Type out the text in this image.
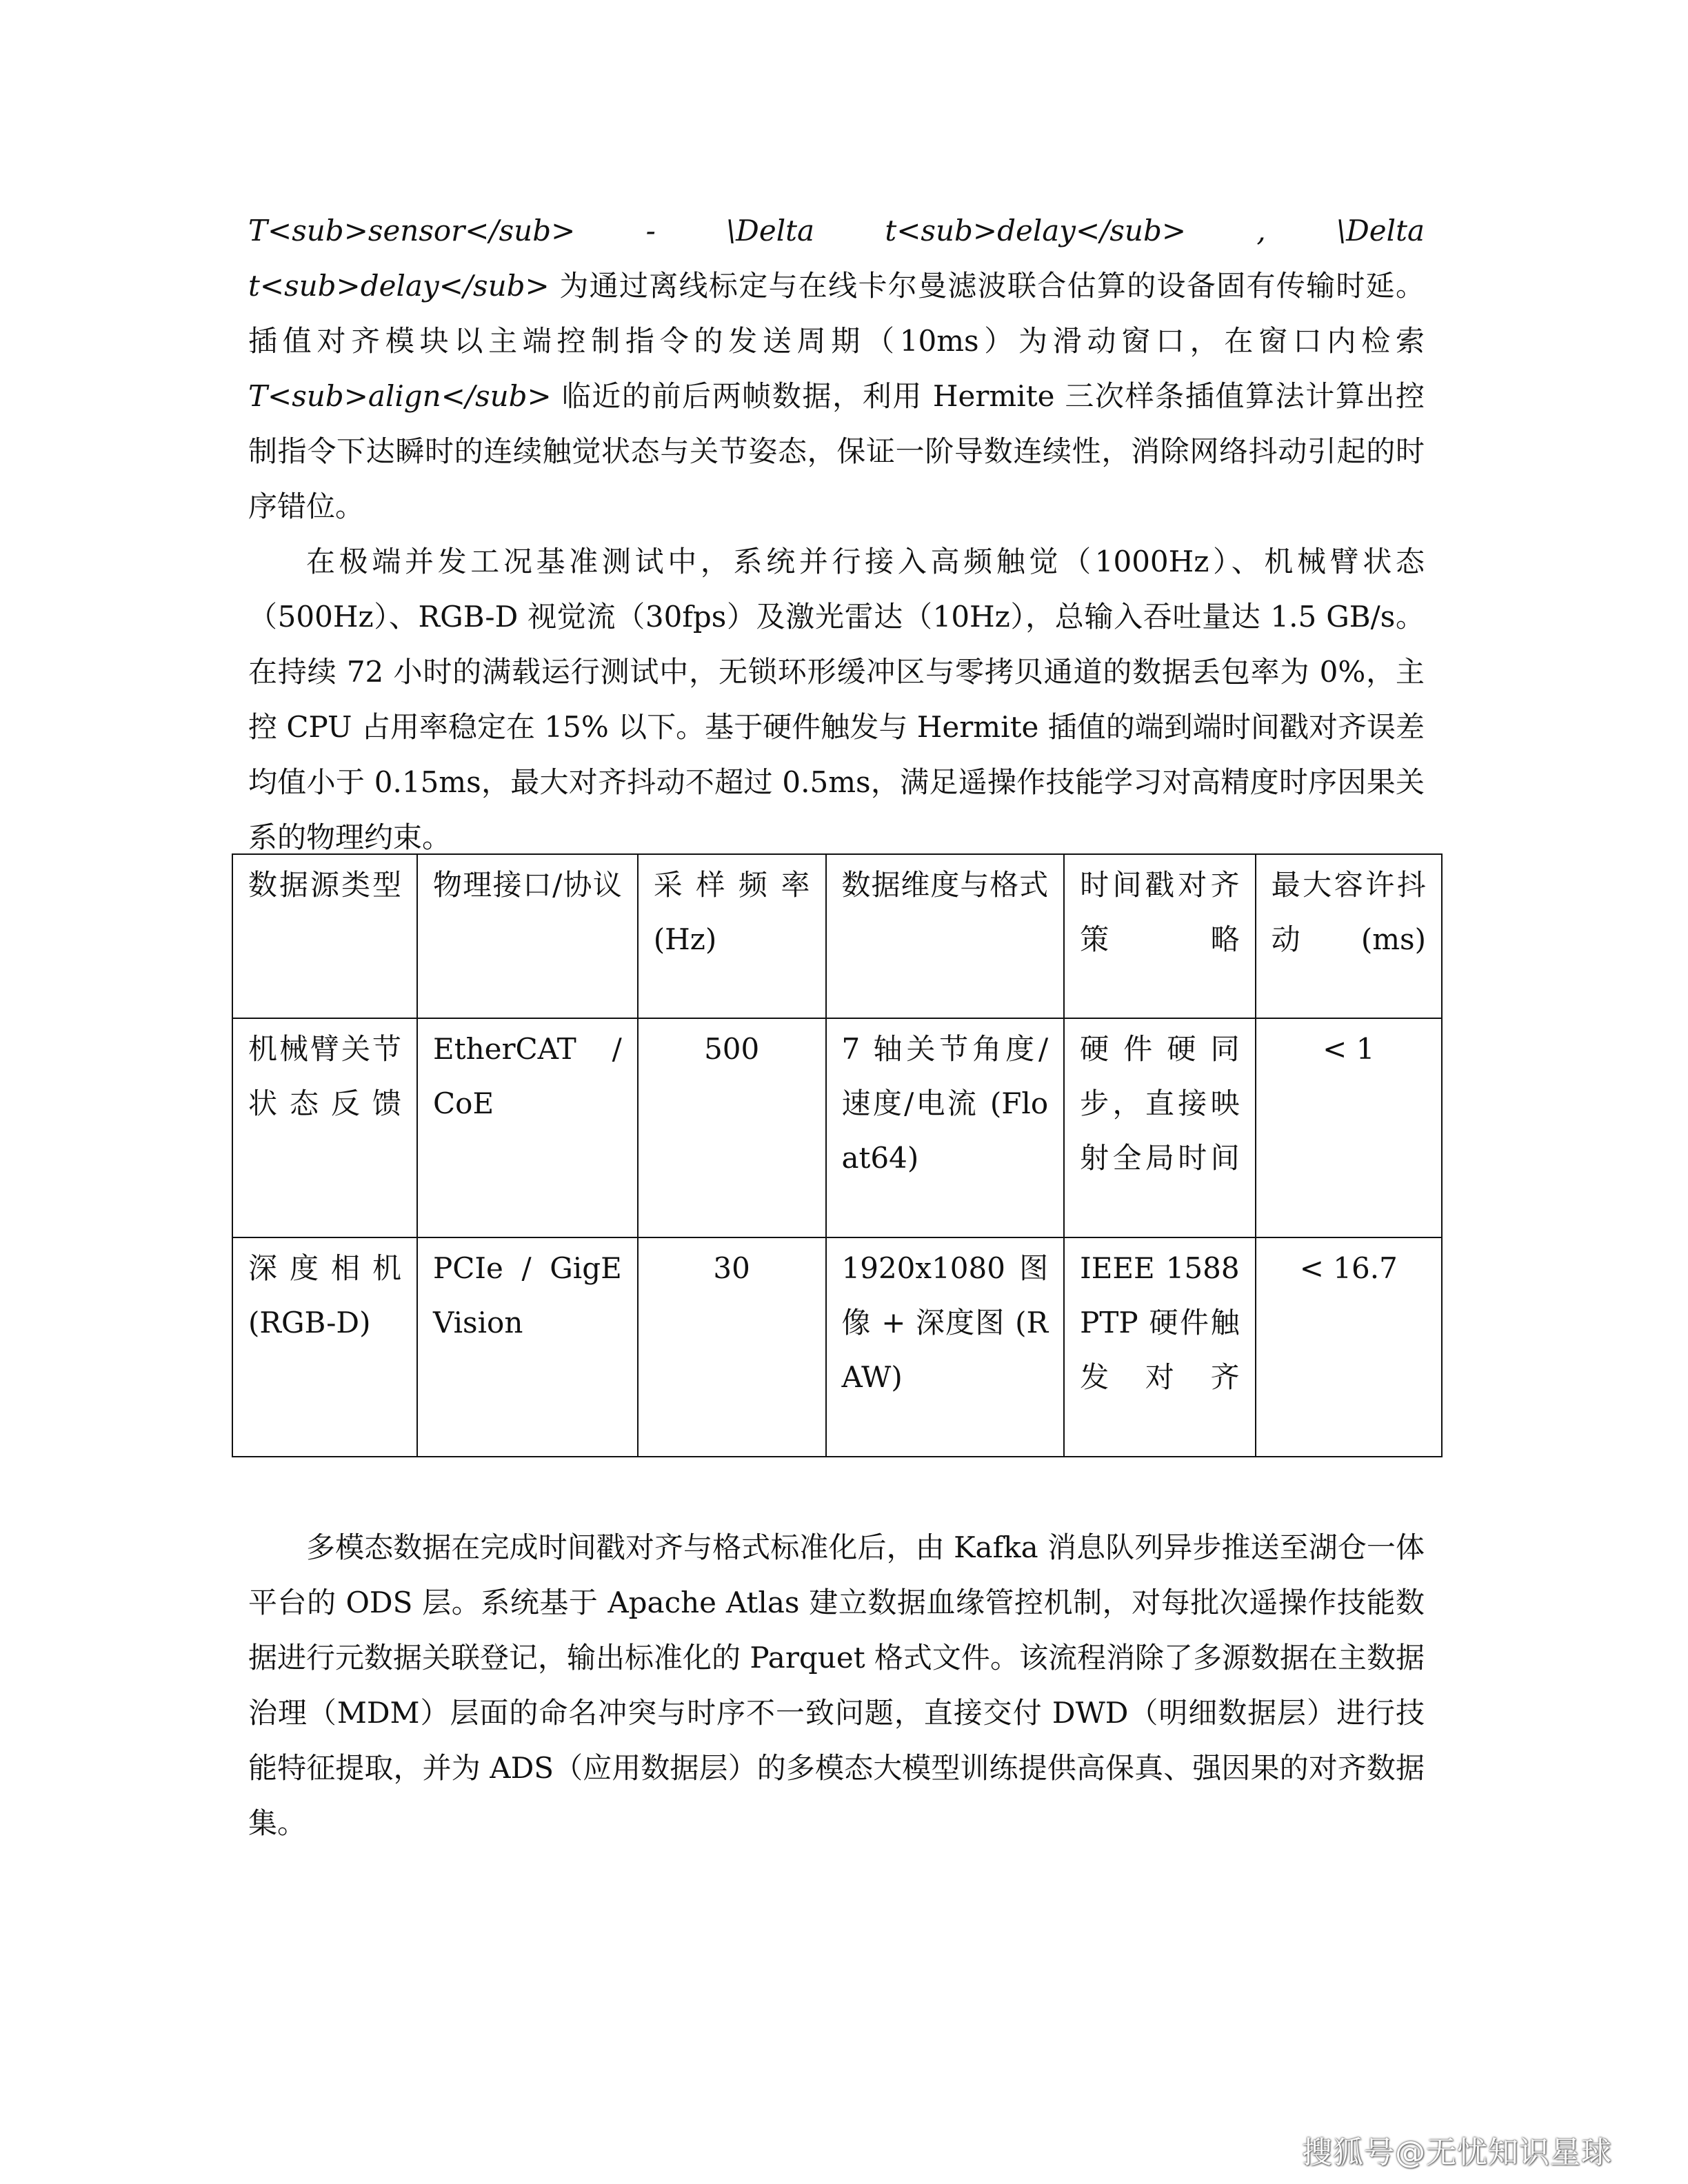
T<sub>sensor</sub> - \Delta t<sub>delay</sub> , \Delta

t<sub>delay</sub> 为通过离线标定与在线卡尔曼滤波联合估算的设备固有传输时延。插值对齐模块以主端控制指令的发送周期（10ms）为滑动窗口，在窗口内检索 T<sub>align</sub> 临近的前后两帧数据，利用 Hermite 三次样条插值算法计算出控制指令下达瞬时的连续触觉状态与关节姿态，保证一阶导数连续性，消除网络抖动引起的时序错位。

在极端并发工况基准测试中，系统并行接入高频触觉（1000Hz）、机械臂状态（500Hz）、RGB-D 视觉流（30fps）及激光雷达（10Hz），总输入吞吐量达 1.5 GB/s。在持续 72 小时的满载运行测试中，无锁环形缓冲区与零拷贝通道的数据丢包率为 0%，主控 CPU 占用率稳定在 15% 以下。基于硬件触发与 Hermite 插值的端到端时间戳对齐误差均值小于 0.15ms，最大对齐抖动不超过 0.5ms，满足遥操作技能学习对高精度时序因果关系的物理约束。

数据源类型	物理接口/协议	采样频率 (Hz)	数据维度与格式	时间戳对齐策略	最大容许抖动(ms)
机械臂关节状态反馈	EtherCAT / CoE	500	7 轴关节角度/速度/电流 (Float64)	硬件硬同步，直接映射全局时间	< 1
深度相机 (RGB-D)	PCIe / GigE Vision	30	1920x1080 图像 + 深度图 (RAW)	IEEE 1588 PTP 硬件触发对齐	< 16.7

多模态数据在完成时间戳对齐与格式标准化后，由 Kafka 消息队列异步推送至湖仓一体平台的 ODS 层。系统基于 Apache Atlas 建立数据血缘管控机制，对每批次遥操作技能数据进行元数据关联登记，输出标准化的 Parquet 格式文件。该流程消除了多源数据在主数据治理（MDM）层面的命名冲突与时序不一致问题，直接交付 DWD（明细数据层）进行技能特征提取，并为 ADS（应用数据层）的多模态大模型训练提供高保真、强因果的对齐数据集。

搜狐号@无忧知识星球
